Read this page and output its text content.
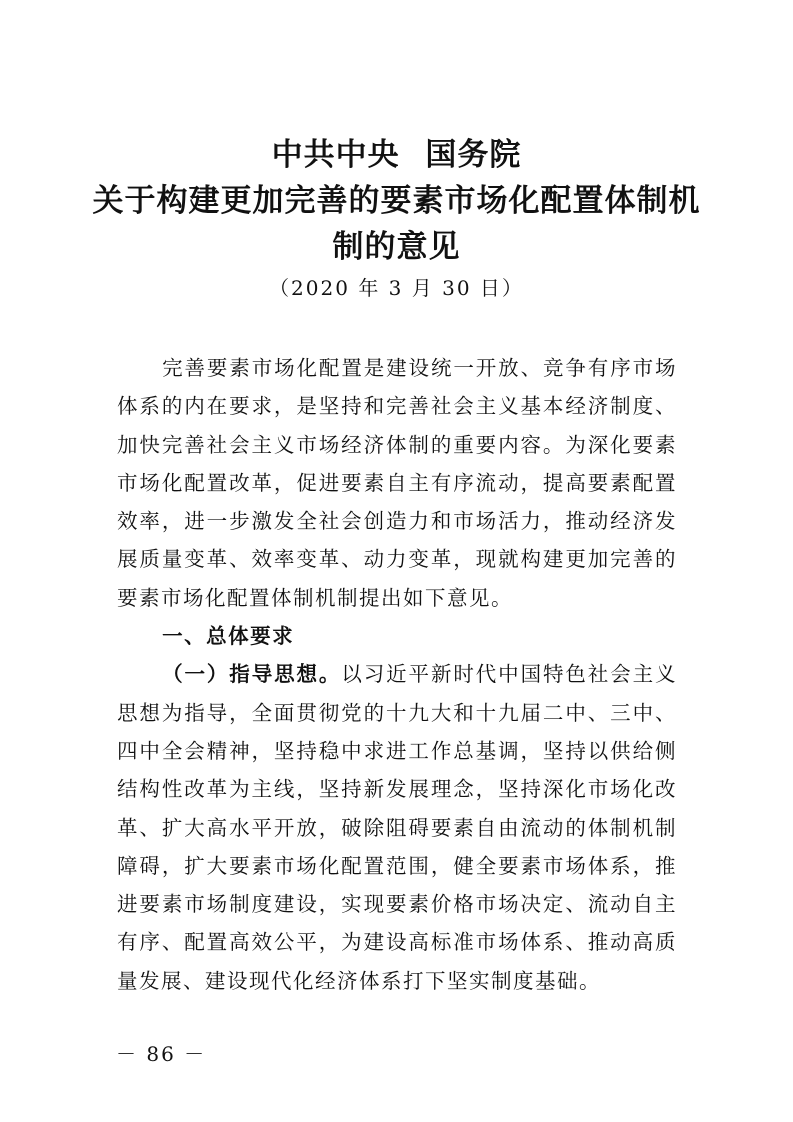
中共中央 国务院
关于构建更加完善的要素市场化配置体制机
制的意见
（2020 年 3 月 30 日）

完善要素市场化配置是建设统一开放、竞争有序市场体系的内在要求，是坚持和完善社会主义基本经济制度、加快完善社会主义市场经济体制的重要内容。为深化要素市场化配置改革，促进要素自主有序流动，提高要素配置效率，进一步激发全社会创造力和市场活力，推动经济发展质量变革、效率变革、动力变革，现就构建更加完善的要素市场化配置体制机制提出如下意见。

一、总体要求

（一）指导思想。以习近平新时代中国特色社会主义思想为指导，全面贯彻党的十九大和十九届二中、三中、四中全会精神，坚持稳中求进工作总基调，坚持以供给侧结构性改革为主线，坚持新发展理念，坚持深化市场化改革、扩大高水平开放，破除阻碍要素自由流动的体制机制障碍，扩大要素市场化配置范围，健全要素市场体系，推进要素市场制度建设，实现要素价格市场决定、流动自主有序、配置高效公平，为建设高标准市场体系、推动高质量发展、建设现代化经济体系打下坚实制度基础。

－ 86 －
